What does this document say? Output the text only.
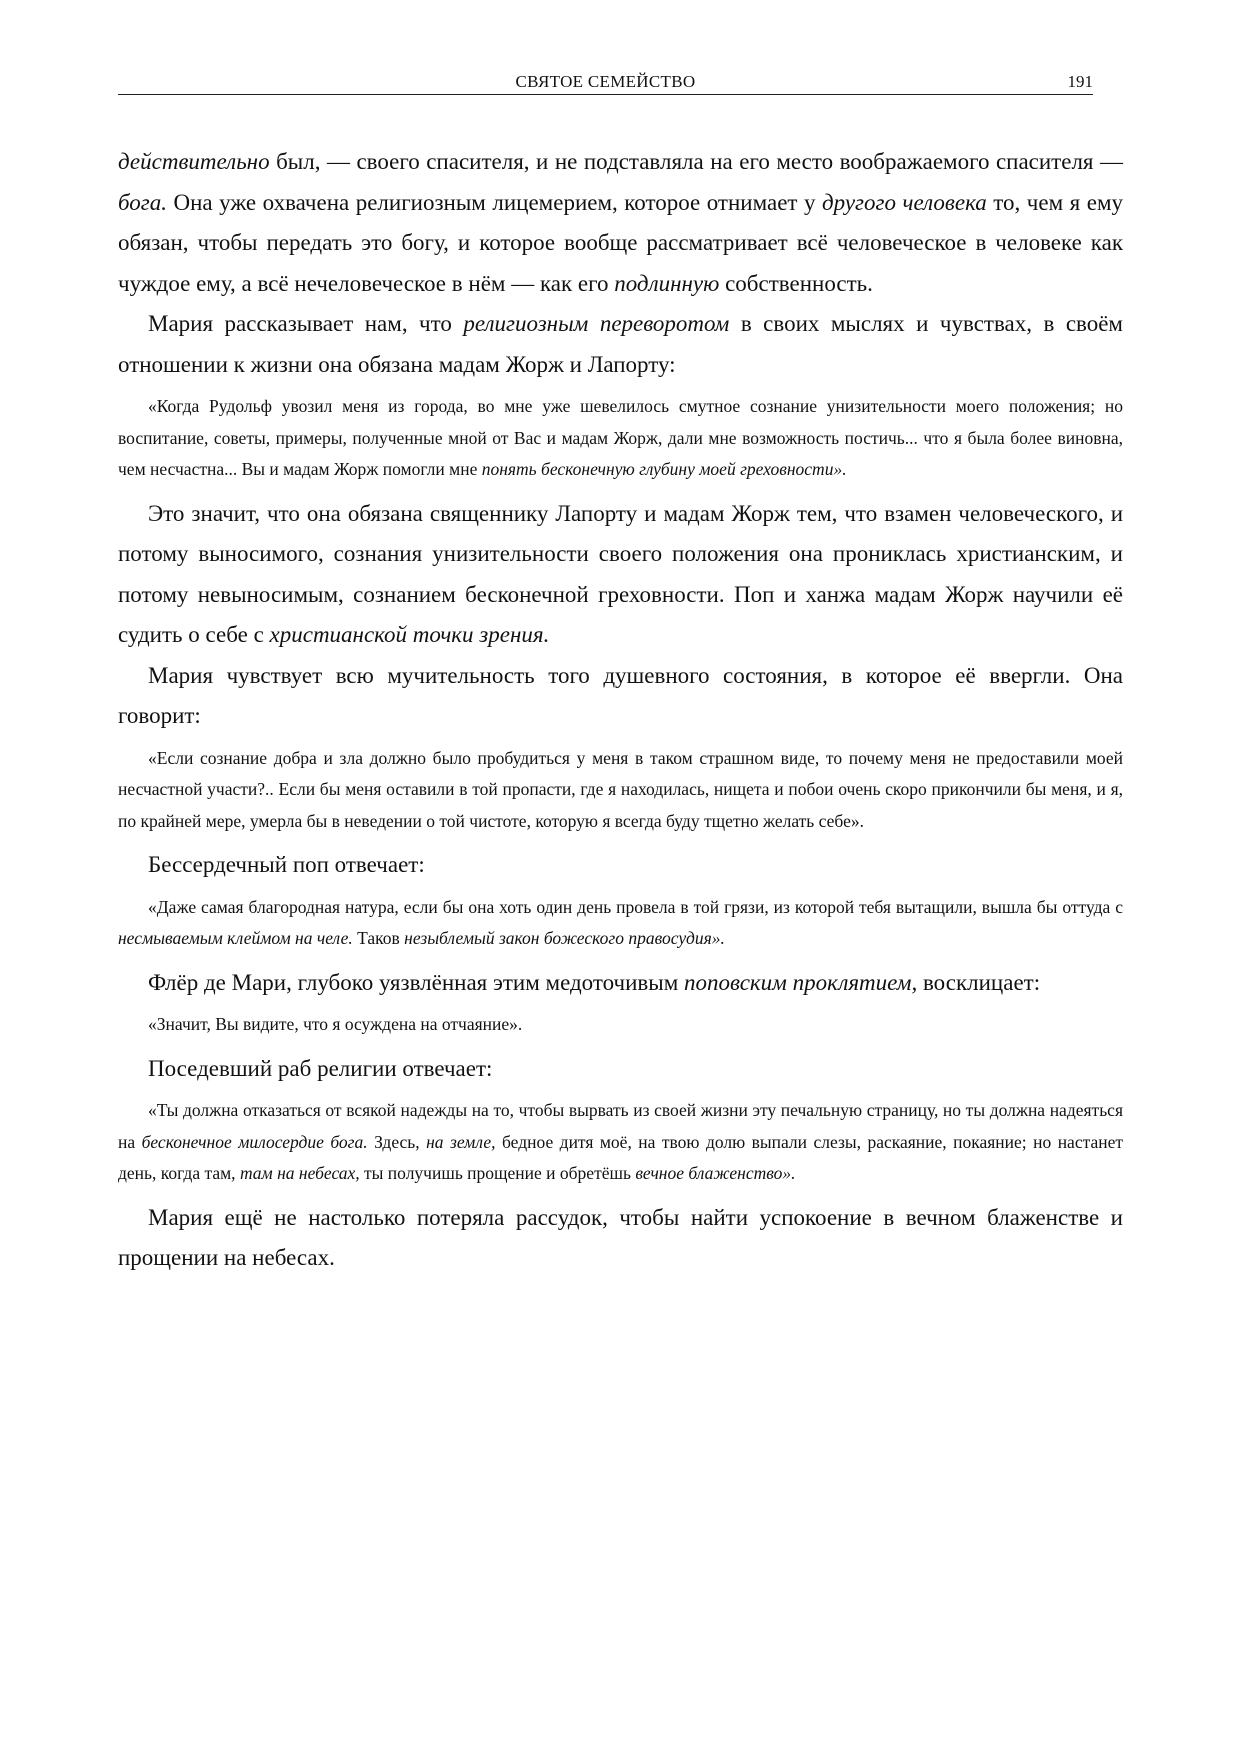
СВЯТОЕ СЕМЕЙСТВО	191

действительно был, — своего спасителя, и не подставляла на его место воображаемого спасителя — бога. Она уже охвачена религиозным лицемерием, которое отнимает у другого человека то, чем я ему обязан, чтобы передать это богу, и которое вообще рассматривает всё человеческое в человеке как чуждое ему, а всё нечеловеческое в нём — как его подлинную собственность.

Мария рассказывает нам, что религиозным переворотом в своих мыслях и чувствах, в своём отношении к жизни она обязана мадам Жорж и Лапорту:

«Когда Рудольф увозил меня из города, во мне уже шевелилось смутное сознание унизительности моего положения; но воспитание, советы, примеры, полученные мной от Вас и мадам Жорж, дали мне возможность постичь... что я была более виновна, чем несчастна... Вы и мадам Жорж помогли мне понять бесконечную глубину моей греховности».

Это значит, что она обязана священнику Лапорту и мадам Жорж тем, что взамен человеческого, и потому выносимого, сознания унизительности своего положения она прониклась христианским, и потому невыносимым, сознанием бесконечной греховности. Поп и ханжа мадам Жорж научили её судить о себе с христианской точки зрения.

Мария чувствует всю мучительность того душевного состояния, в которое её ввергли. Она говорит:

«Если сознание добра и зла должно было пробудиться у меня в таком страшном виде, то почему меня не предоставили моей несчастной участи?.. Если бы меня оставили в той пропасти, где я находилась, нищета и побои очень скоро прикончили бы меня, и я, по крайней мере, умерла бы в неведении о той чистоте, которую я всегда буду тщетно желать себе».

Бессердечный поп отвечает:

«Даже самая благородная натура, если бы она хоть один день провела в той грязи, из которой тебя вытащили, вышла бы оттуда с несмываемым клеймом на челе. Таков незыблемый закон божеского правосудия».

Флёр де Мари, глубоко уязвлённая этим медоточивым поповским проклятием, восклицает:

«Значит, Вы видите, что я осуждена на отчаяние».

Поседевший раб религии отвечает:

«Ты должна отказаться от всякой надежды на то, чтобы вырвать из своей жизни эту печальную страницу, но ты должна надеяться на бесконечное милосердие бога. Здесь, на земле, бедное дитя моё, на твою долю выпали слезы, раскаяние, покаяние; но настанет день, когда там, там на небесах, ты получишь прощение и обретёшь вечное блаженство».

Мария ещё не настолько потеряла рассудок, чтобы найти успокоение в вечном блаженстве и прощении на небесах.
